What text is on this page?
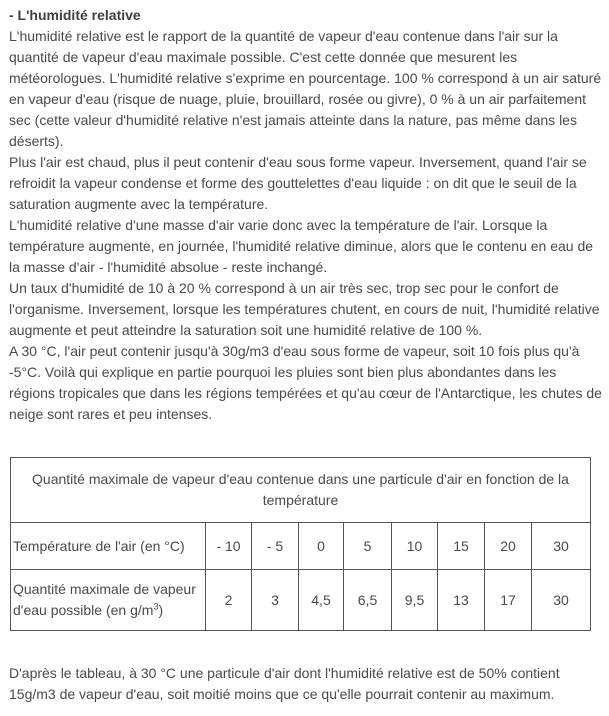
- L'humidité relative

L'humidité relative est le rapport de la quantité de vapeur d'eau contenue dans l'air sur la quantité de vapeur d'eau maximale possible. C'est cette donnée que mesurent les météorologues. L'humidité relative s'exprime en pourcentage. 100 % correspond à un air saturé en vapeur d'eau (risque de nuage, pluie, brouillard, rosée ou givre), 0 % à un air parfaitement sec (cette valeur d'humidité relative n'est jamais atteinte dans la nature, pas même dans les déserts).

Plus l'air est chaud, plus il peut contenir d'eau sous forme vapeur. Inversement, quand l'air se refroidit la vapeur condense et forme des gouttelettes d'eau liquide : on dit que le seuil de la saturation augmente avec la température.

L'humidité relative d'une masse d'air varie donc avec la température de l'air. Lorsque la température augmente, en journée, l'humidité relative diminue, alors que le contenu en eau de la masse d'air - l'humidité absolue - reste inchangé.

Un taux d'humidité de 10 à 20 % correspond à un air très sec, trop sec pour le confort de l'organisme. Inversement, lorsque les températures chutent, en cours de nuit, l'humidité relative augmente et peut atteindre la saturation soit une humidité relative de 100 %.

A 30 °C, l'air peut contenir jusqu'à 30g/m3 d'eau sous forme de vapeur, soit 10 fois plus qu'à -5°C. Voilà qui explique en partie pourquoi les pluies sont bien plus abondantes dans les régions tropicales que dans les régions tempérées et qu'au cœur de l'Antarctique, les chutes de neige sont rares et peu intenses.

Quantité maximale de vapeur d'eau contenue dans une particule d'air en fonction de la température								
Température de l'air (en °C)	- 10	- 5	0	5	10	15	20	30
Quantité maximale de vapeur d'eau possible (en $g/m^3$)	2	3	4,5	6,5	9,5	13	17	30

D'après le tableau, à 30 °C une particule d'air dont l'humidité relative est de 50% contient 15g/m3 de vapeur d'eau, soit moitié moins que ce qu'elle pourrait contenir au maximum.
